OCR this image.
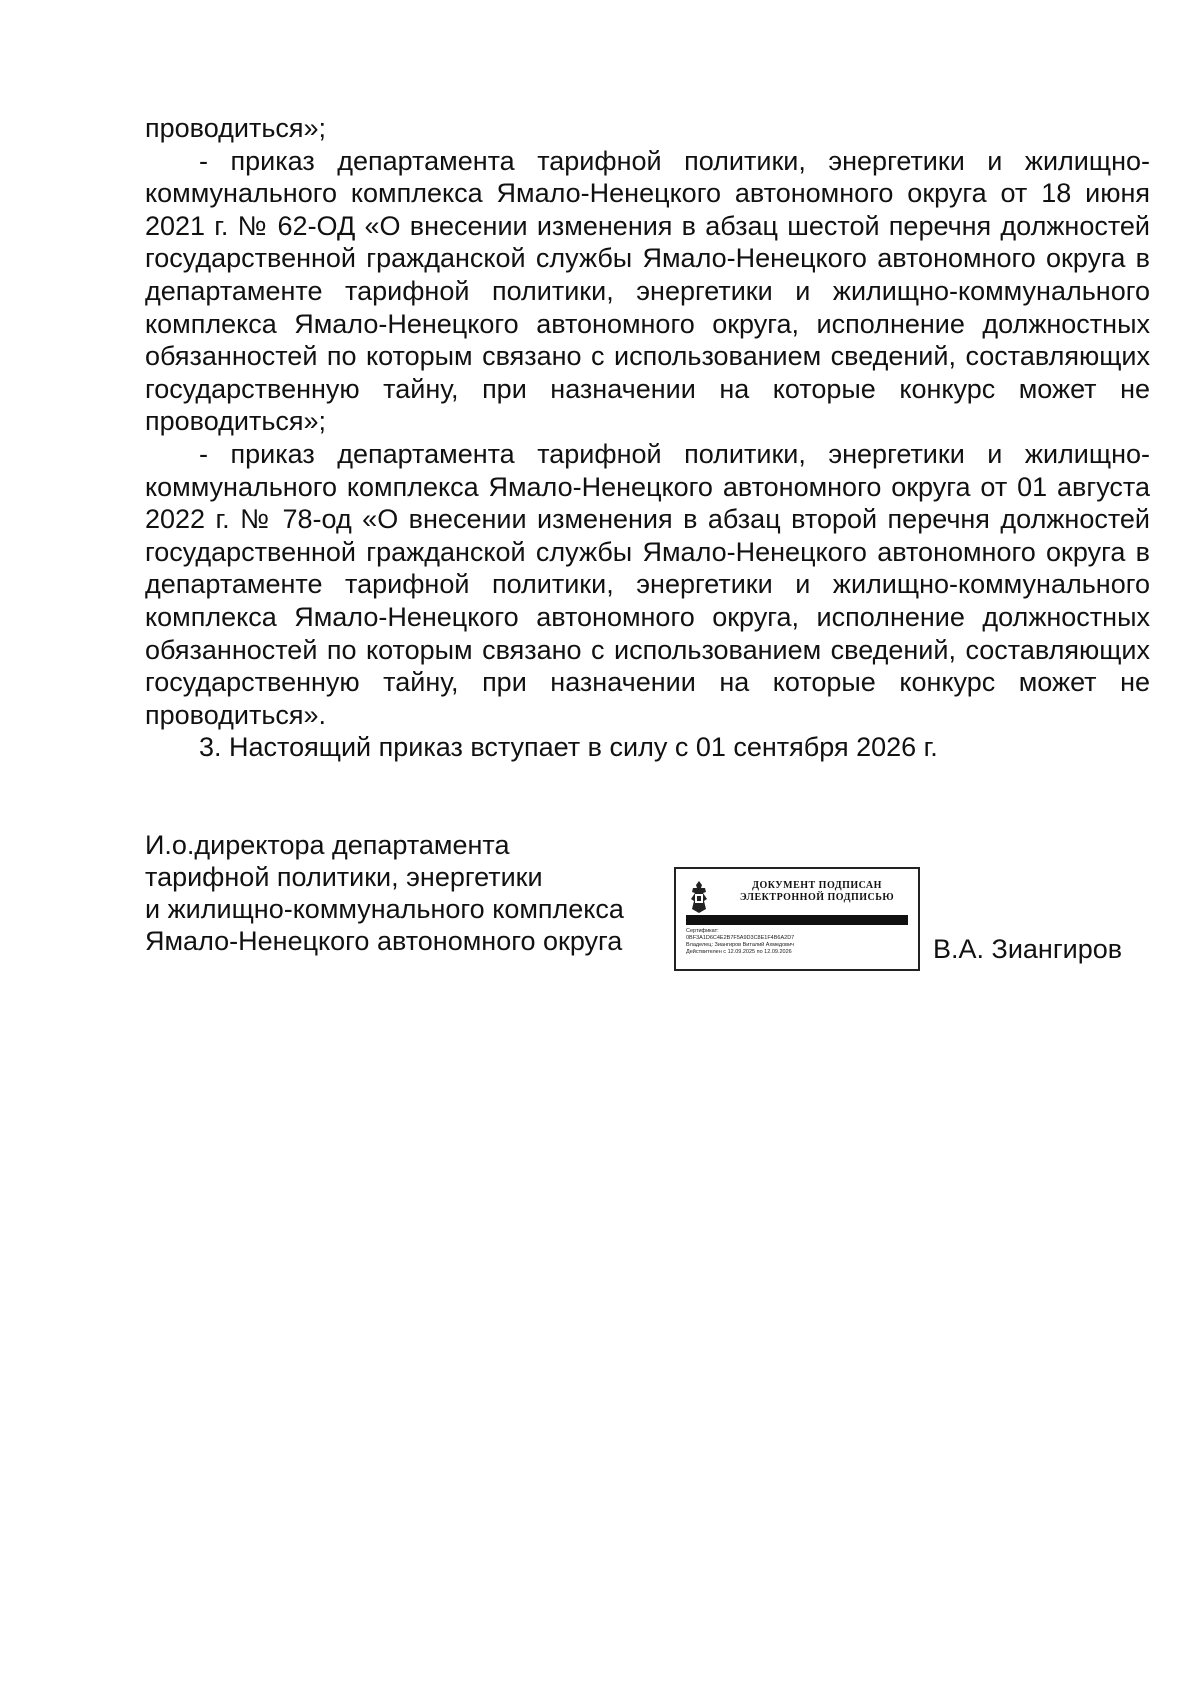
проводиться»;

- приказ департамента тарифной политики, энергетики и жилищно-коммунального комплекса Ямало-Ненецкого автономного округа от 18 июня 2021 г. № 62-ОД «О внесении изменения в абзац шестой перечня должностей государственной гражданской службы Ямало-Ненецкого автономного округа в департаменте тарифной политики, энергетики и жилищно-коммунального комплекса Ямало-Ненецкого автономного округа, исполнение должностных обязанностей по которым связано с использованием сведений, составляющих государственную тайну, при назначении на которые конкурс может не проводиться»;

- приказ департамента тарифной политики, энергетики и жилищно-коммунального комплекса Ямало-Ненецкого автономного округа от 01 августа 2022 г. № 78-од «О внесении изменения в абзац второй перечня должностей государственной гражданской службы Ямало-Ненецкого автономного округа в департаменте тарифной политики, энергетики и жилищно-коммунального комплекса Ямало-Ненецкого автономного округа, исполнение должностных обязанностей по которым связано с использованием сведений, составляющих государственную тайну, при назначении на которые конкурс может не проводиться».

3. Настоящий приказ вступает в силу с 01 сентября 2026 г.

И.о.директора департамента
тарифной политики, энергетики
и жилищно-коммунального комплекса
Ямало-Ненецкого автономного округа
ДОКУМЕНТ ПОДПИСАН
ЭЛЕКТРОННОЙ ПОДПИСЬЮ
Сертификат:
0BF3A1D6C4E2B7F5A9D3C8E1F4B6A2D7
Владелец: Зиангиров Виталий Ахмедович
Действителен с 12.09.2025 по 12.09.2026	В.А. Зиангиров
